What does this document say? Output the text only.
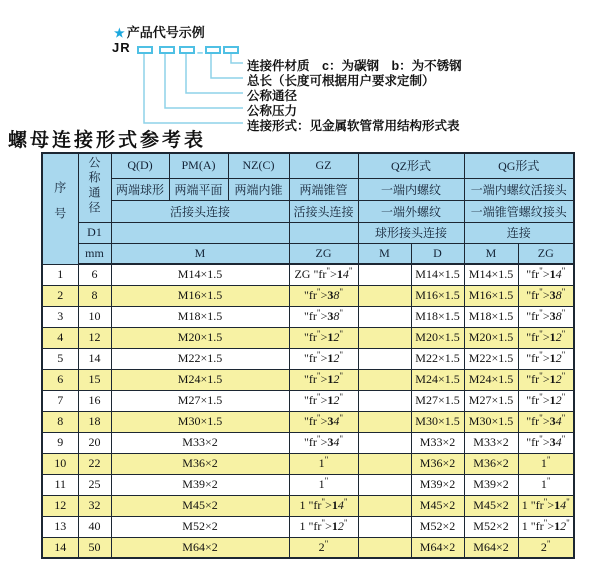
★ 产品代号示例
JR	–
连接件材质　c：为碳钢　b：为不锈钢
总长（长度可根据用户要求定制）
公称通径
公称压力
连接形式：见金属软管常用结构形式表
螺母连接形式参考表
序号	公称通径	Q(D)	PM(A)	NZ(C)	GZ	QZ形式		QG形式	
		两端球形	两端平面	两端内锥	两端锥管	一端内螺纹		一端内螺纹活接头	
		活接头连接			活接头连接	一端外螺纹		一端锥管螺纹接头	
	D1					球形接头连接		连接	
	mm	M			ZG	M	D	M	ZG
1	6	M14×1.5			ZG "fr">14"		M14×1.5	M14×1.5	"fr">14"
2	8	M16×1.5			"fr">38"		M16×1.5	M16×1.5	"fr">38"
3	10	M18×1.5			"fr">38"		M18×1.5	M18×1.5	"fr">38"
4	12	M20×1.5			"fr">12"		M20×1.5	M20×1.5	"fr">12"
5	14	M22×1.5			"fr">12"		M22×1.5	M22×1.5	"fr">12"
6	15	M24×1.5			"fr">12"		M24×1.5	M24×1.5	"fr">12"
7	16	M27×1.5			"fr">12"		M27×1.5	M27×1.5	"fr">12"
8	18	M30×1.5			"fr">34"		M30×1.5	M30×1.5	"fr">34"
9	20	M33×2			"fr">34"		M33×2	M33×2	"fr">34"
10	22	M36×2			1"		M36×2	M36×2	1"
11	25	M39×2			1"		M39×2	M39×2	1"
12	32	M45×2			1 "fr">14"		M45×2	M45×2	1 "fr">14"
13	40	M52×2			1 "fr">12"		M52×2	M52×2	1 "fr">12"
14	50	M64×2			2"		M64×2	M64×2	2"
